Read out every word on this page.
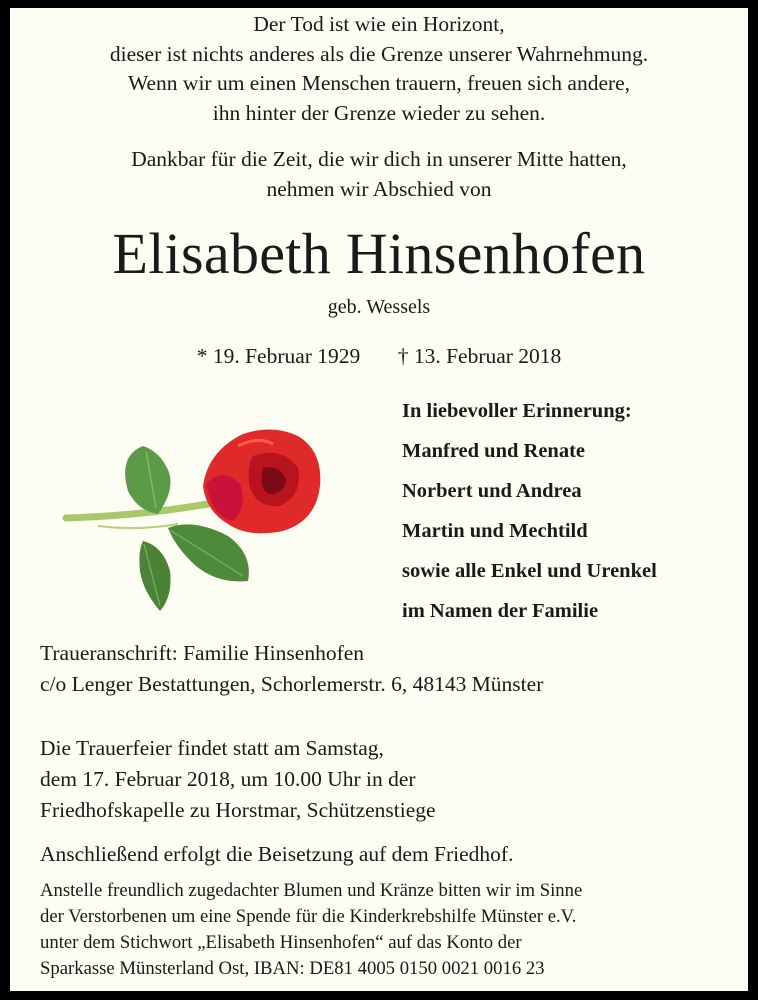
Der Tod ist wie ein Horizont,
dieser ist nichts anderes als die Grenze unserer Wahrnehmung.
Wenn wir um einen Menschen trauern, freuen sich andere,
ihn hinter der Grenze wieder zu sehen.
Dankbar für die Zeit, die wir dich in unserer Mitte hatten,
nehmen wir Abschied von
Elisabeth Hinsenhofen
geb. Wessels
* 19. Februar 1929 † 13. Februar 2018
In liebevoller Erinnerung:
Manfred und Renate
Norbert und Andrea
Martin und Mechtild
sowie alle Enkel und Urenkel
im Namen der Familie
Traueranschrift: Familie Hinsenhofen
c/o Lenger Bestattungen, Schorlemerstr. 6, 48143 Münster
Die Trauerfeier findet statt am Samstag,
dem 17. Februar 2018, um 10.00 Uhr in der
Friedhofskapelle zu Horstmar, Schützenstiege
Anschließend erfolgt die Beisetzung auf dem Friedhof.
Anstelle freundlich zugedachter Blumen und Kränze bitten wir im Sinne
der Verstorbenen um eine Spende für die Kinderkrebshilfe Münster e.V.
unter dem Stichwort „Elisabeth Hinsenhofen“ auf das Konto der
Sparkasse Münsterland Ost, IBAN: DE81 4005 0150 0021 0016 23
